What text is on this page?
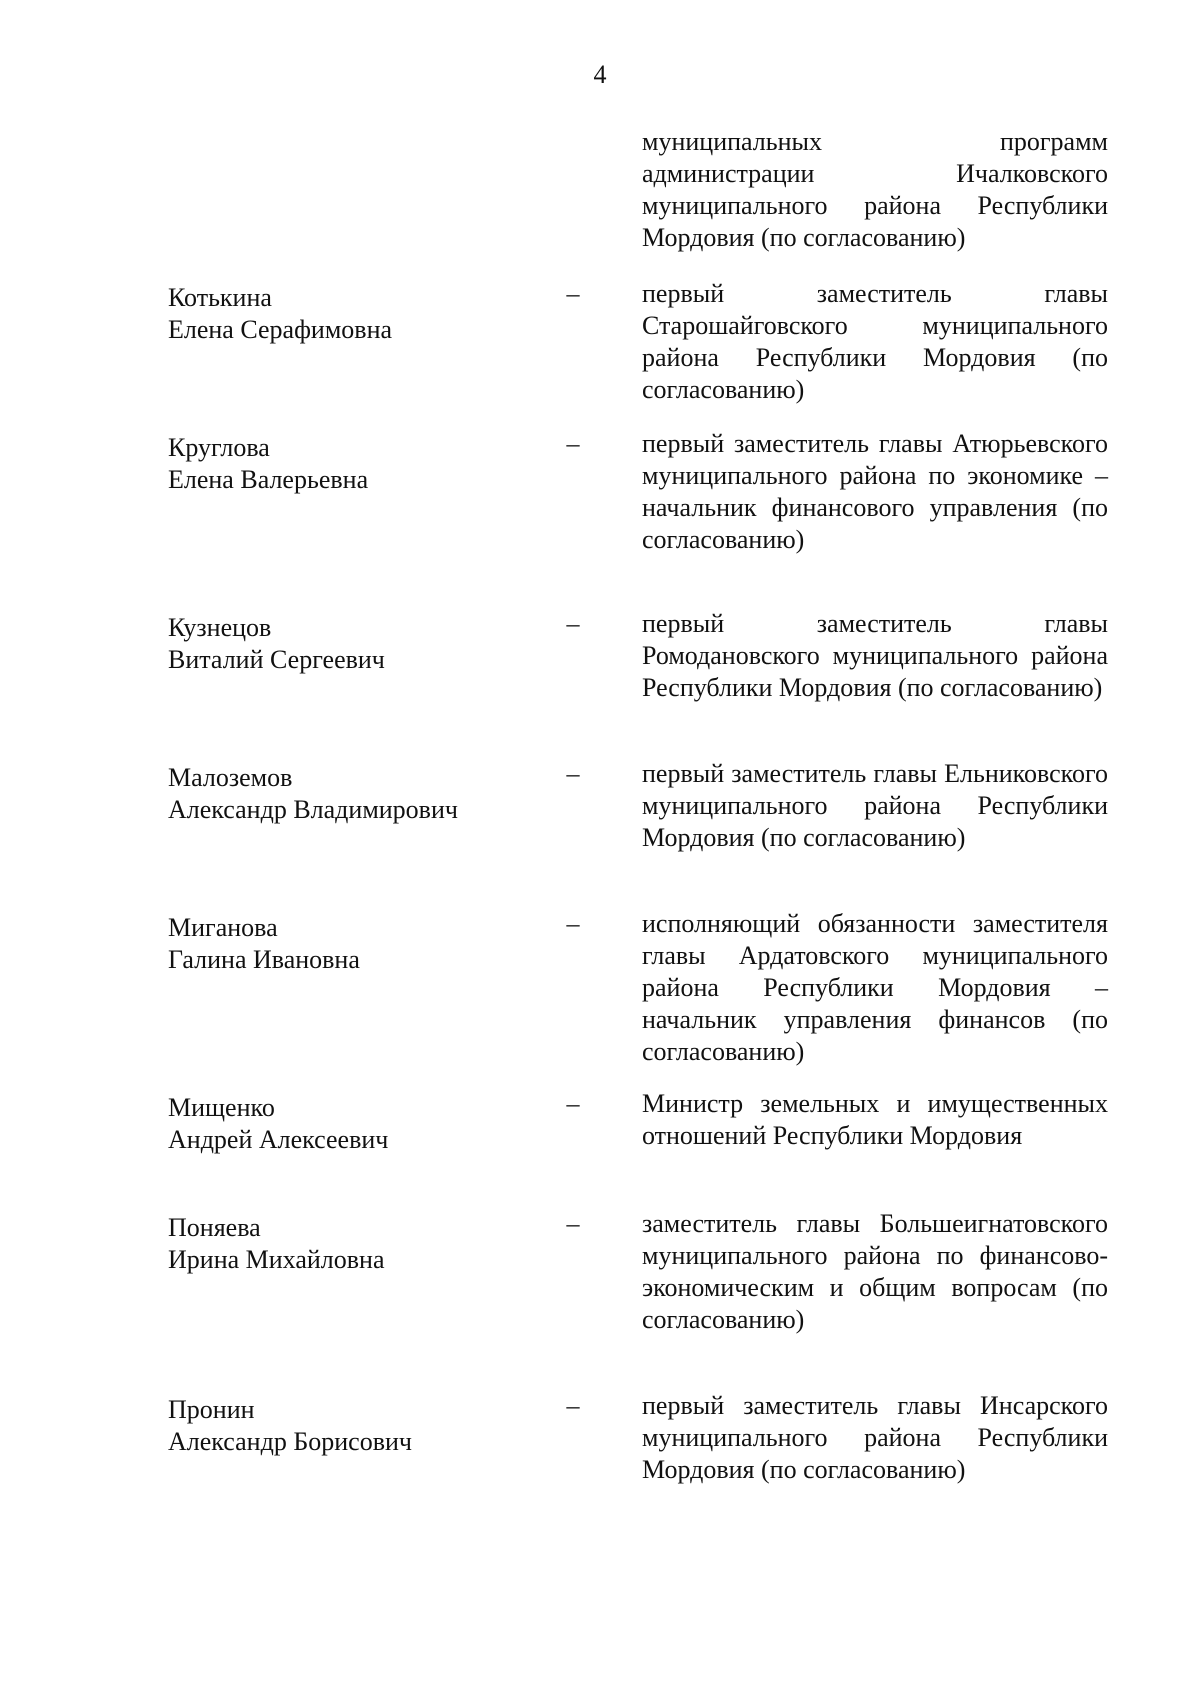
4
муниципальных программ администрации Ичалковского муниципального района Республики Мордовия (по согласованию)
Котькина
Елена Серафимовна
–	первый заместитель главы Старошайговского муниципального района Республики Мордовия (по согласованию)
Круглова
Елена Валерьевна
–	первый заместитель главы Атюрьевского муниципального района по экономике – начальник финансового управления (по согласованию)
Кузнецов
Виталий Сергеевич
–	первый заместитель главы Ромодановского муниципального района Республики Мордовия (по согласованию)
Малоземов
Александр Владимирович
–	первый заместитель главы Ельниковского муниципального района Республики Мордовия (по согласованию)
Миганова
Галина Ивановна
–	исполняющий обязанности заместителя главы Ардатовского муниципального района Республики Мордовия – начальник управления финансов (по согласованию)
Мищенко
Андрей Алексеевич
–	Министр земельных и имущественных отношений Республики Мордовия
Поняева
Ирина Михайловна
–	заместитель главы Большеигнатовского муниципального района по финансово-экономическим и общим вопросам (по согласованию)
Пронин
Александр Борисович
–	первый заместитель главы Инсарского муниципального района Республики Мордовия (по согласованию)
